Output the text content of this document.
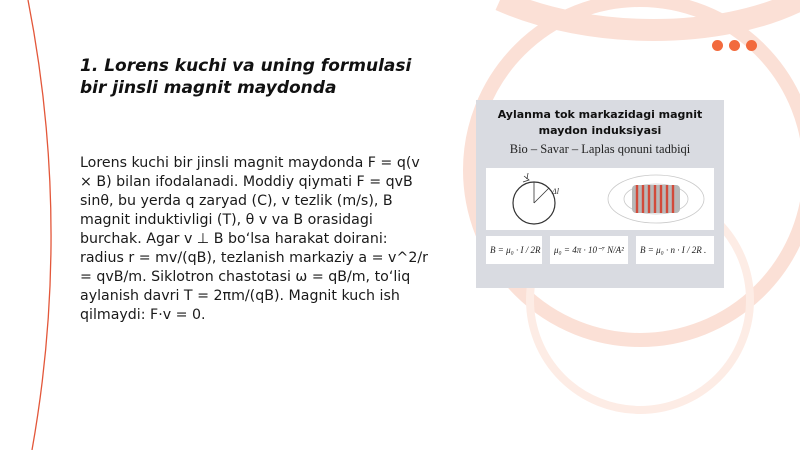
1. Lorens kuchi va uning formulasi bir jinsli magnit maydonda
Lorens kuchi bir jinsli magnit maydonda F = q(v × B) bilan ifodalanadi. Moddiy qiymati F = qvB sinθ, bu yerda q zaryad (C), v tezlik (m/s), B magnit induktivligi (T), θ v va B orasidagi burchak. Agar v ⊥ B bo‘lsa harakat doirani: radius r = mv/(qB), tezlanish markaziy a = v^2/r = qvB/m. Siklotron chastotasi ω = qB/m, to‘liq aylanish davri T = 2πm/(qB). Magnit kuch ish qilmaydi: F·v = 0.
Aylanma tok markazidagi magnit maydon induksiyasi
Bio – Savar – Laplas qonuni tadbiqi
I
Δl
B = μ₀ · I / 2R μ₀ = 4π · 10⁻⁷ N/A² B = μ₀ · n · I / 2R .
